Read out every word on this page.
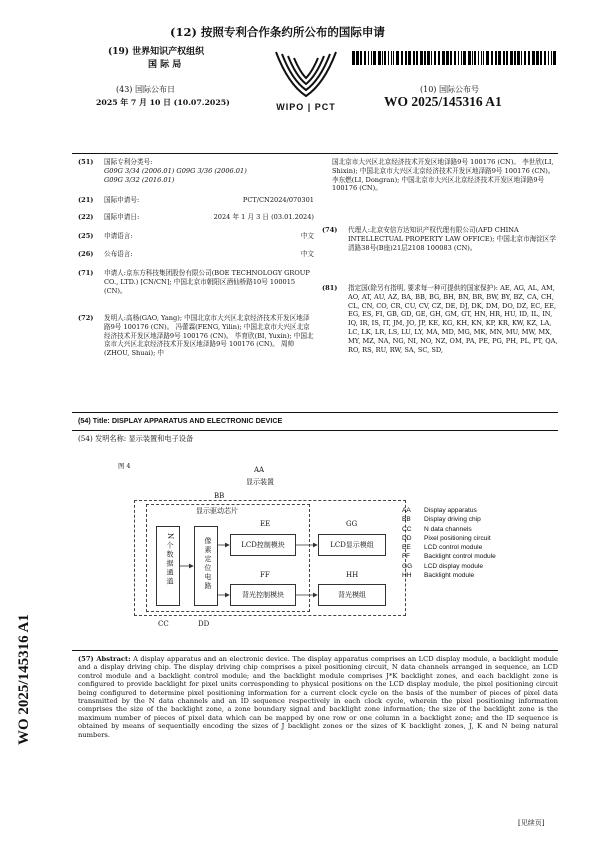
(12) 按照专利合作条约所公布的国际申请
(19) 世界知识产权组织
国 际 局
(43) 国际公布日
2025 年 7 月 10 日 (10.07.2025)	WIPO | PCT
(10) 国际公布号
WO 2025/145316 A1
(51) 国际专利分类号:
G09G 3/34 (2006.01) G09G 3/36 (2006.01)
G09G 3/32 (2016.01)
(21) 国际申请号:	PCT/CN2024/070301
(22) 国际申请日:	2024 年 1 月 3 日 (03.01.2024)
(25) 申请语言:	中文
(26) 公布语言:	中文
(71)	申请人:京东方科技集团股份有限公司(BOE TECHNOLOGY GROUP CO., LTD.) [CN/CN]; 中国北京市朝阳区酒仙桥路10号 100015 (CN)。
(72)	发明人:高杨(GAO, Yang); 中国北京市大兴区北京经济技术开发区地泽路9号 100176 (CN)。 冯蕾霖(FENG, Yilin); 中国北京市大兴区北京经济技术开发区地泽路9号 100176 (CN)。 毕育欣(BI, Yuxin); 中国北京市大兴区北京经济技术开发区地泽路9号 100176 (CN)。 周帅(ZHOU, Shuai); 中
国北京市大兴区北京经济技术开发区地泽路9号 100176 (CN)。 李世欣(LI, Shixin); 中国北京市大兴区北京经济技术开发区地泽路9号 100176 (CN)。 李东燃(LI, Dongran); 中国北京市大兴区北京经济技术开发区地泽路9号 100176 (CN)。
(74)	代理人:北京安信方达知识产权代理有限公司(AFD CHINA INTELLECTUAL PROPERTY LAW OFFICE); 中国北京市海淀区学清路38号(B座)21层2108 100083 (CN)。
(81)	指定国(除另有指明, 要求每一种可提供的国家保护): AE, AG, AL, AM, AO, AT, AU, AZ, BA, BB, BG, BH, BN, BR, BW, BY, BZ, CA, CH, CL, CN, CO, CR, CU, CV, CZ, DE, DJ, DK, DM, DO, DZ, EC, EE, EG, ES, FI, GB, GD, GE, GH, GM, GT, HN, HR, HU, ID, IL, IN, IQ, IR, IS, IT, JM, JO, JP, KE, KG, KH, KN, KP, KR, KW, KZ, LA, LC, LK, LR, LS, LU, LY, MA, MD, MG, MK, MN, MU, MW, MX, MY, MZ, NA, NG, NI, NO, NZ, OM, PA, PE, PG, PH, PL, PT, QA, RO, RS, RU, RW, SA, SC, SD,
(54) Title: DISPLAY APPARATUS AND ELECTRONIC DEVICE
(54) 发明名称: 显示装置和电子设备
WO 2025/145316 A1
图 4	AA
显示装置
BB
显示驱动芯片
N个数据通道	像素定位电路
EE
LCD控制模块
FF
背光控制模块
GG
LCD显示模组
HH
背光模组
CC	DD
AA Display apparatus
BB Display driving chip
CC N data channels
DD Pixel positioning circuit
EE LCD control module
FF Backlight control module
GG LCD display module
HH Backlight module
(57) Abstract: A display apparatus and an electronic device. The display apparatus comprises an LCD display module, a backlight module and a display driving chip. The display driving chip comprises a pixel positioning circuit, N data channels arranged in sequence, an LCD control module and a backlight control module; and the backlight module comprises J*K backlight zones, and each backlight zone is configured to provide backlight for pixel units corresponding to physical positions on the LCD display module, the pixel positioning circuit being configured to determine pixel positioning information for a current clock cycle on the basis of the number of pieces of pixel data transmitted by the N data channels and an ID sequence respectively in each clock cycle, wherein the pixel positioning information comprises the size of the backlight zone, a zone boundary signal and backlight zone information; the size of the backlight zone is the maximum number of pieces of pixel data which can be mapped by one row or one column in a backlight zone; and the ID sequence is obtained by means of sequentially encoding the sizes of J backlight zones or the sizes of K backlight zones, J, K and N being natural numbers.
[见续页]
